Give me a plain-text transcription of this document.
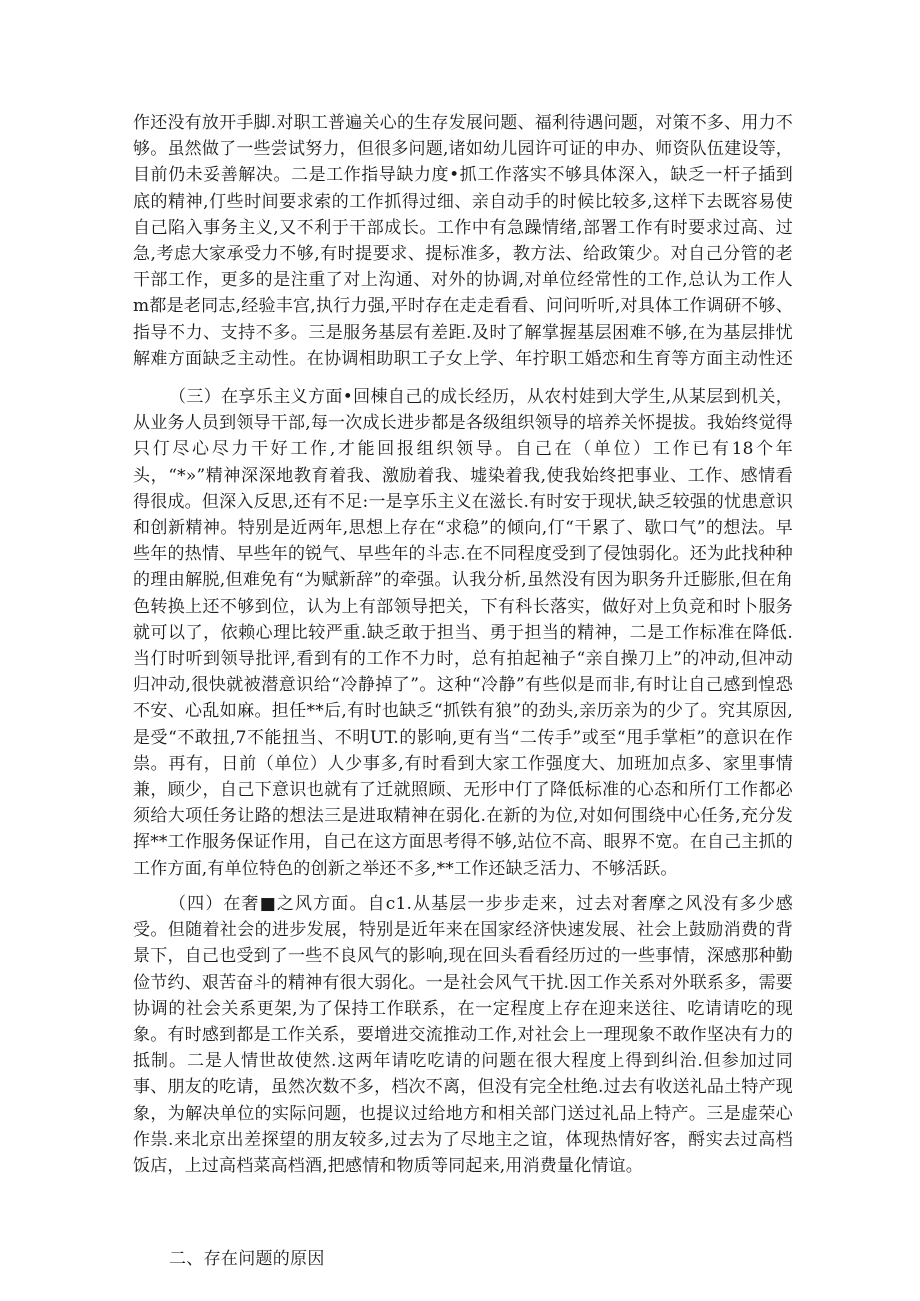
作还没有放开手脚.对职工普遍关心的生存发展问题、福利待遇问题，对策不多、用力不够。虽然做了一些尝试努力，但很多问题,诸如幼儿园许可证的申办、师资队伍建设等，目前仍未妥善解决。二是工作指导缺力度•抓工作落实不够具体深入，缺乏一杆子插到底的精神,仃些时间要求索的工作抓得过细、亲自动手的时候比较多,这样下去既容易使自己陷入事务主义,又不利于干部成长。工作中有急躁情绪,部署工作有时要求过高、过急,考虑大家承受力不够,有时提要求、提标准多，教方法、给政策少。对自己分管的老干部工作，更多的是注重了对上沟通、对外的协调,对单位经常性的工作,总认为工作人m都是老同志,经验丰宫,执行力强,平时存在走走看看、问问听听,对具体工作调研不够、指导不力、支持不多。三是服务基层有差距.及时了解掌握基层困难不够,在为基层排忧解难方面缺乏主动性。在协调相助职工子女上学、年拧职工婚恋和生育等方面主动性还

（三）在享乐主义方面•回棟自己的成长经历，从农村娃到大学生,从某层到机关，从业务人员到领导干部,每一次成长进步都是各级组织领导的培养关怀提拔。我始终觉得只仃尽心尽力干好工作,才能回报组织领导。自己在（单位）工作已有18个年头，“*»”精神深深地教育着我、激励着我、墟染着我,使我始终把事业、工作、感情看得很成。但深入反思,还有不足:一是享乐主义在滋长.有时安于现状,缺乏较强的忧患意识和创新精神。特别是近两年,思想上存在“求稳”的倾向,仃“干累了、歇口气”的想法。早些年的热情、早些年的锐气、早些年的斗志.在不同程度受到了侵蚀弱化。还为此找种种的理由解脱,但难免有“为赋新辞”的牵强。认我分析,虽然没有因为职务升迁膨胀,但在角色转换上还不够到位，认为上有部领导把关，下有科长落实，做好对上负竞和时卜服务就可以了，依赖心理比较严重.缺乏敢于担当、勇于担当的精神，二是工作标准在降低.当仃时听到领导批评,看到有的工作不力时，总有拍起袖子“亲自操刀上”的冲动,但冲动归冲动,很快就被潜意识给“冷静掉了”。这种“冷静”有些似是而非,有时让自己感到惶恐不安、心乱如麻。担任**后,有时也缺乏“抓铁有狼”的劲头,亲历亲为的少了。究其原因,是受“不敢扭,7不能扭当、不明UT.的影响,更有当“二传手”或至“甩手掌柜”的意识在作祟。再有，日前（单位）人少事多,有时看到大家工作强度大、加班加点多、家里事情兼，顾少，自己下意识也就有了迁就照顾、无形中仃了降低标准的心态和所仃工作都必须给大项任务让路的想法三是进取精神在弱化.在新的为位,对如何围绕中心任务,充分发挥**工作服务保证作用，自己在这方面思考得不够,站位不高、眼界不宽。在自己主抓的工作方面,有单位特色的创新之举还不多,**工作还缺乏活力、不够活跃。

（四）在奢■之风方面。自c1.从基层一步步走来，过去对奢摩之风没有多少感受。但随着社会的进步发展，特别是近年来在国家经济快速发展、社会上鼓励消费的背景下，自己也受到了一些不良风气的影响,现在回头看看经历过的一些事情，深感那种勤俭节约、艰苦奋斗的精神有很大弱化。一是社会风气干扰.因工作关系对外联系多，需要协调的社会关系更架,为了保持工作联系，在一定程度上存在迎来送往、吃请请吃的现象。有时感到都是工作关系，要增进交流推动工作,对社会上一理现象不敢作坚决有力的抵制。二是人情世故使然.这两年请吃吃请的问题在很大程度上得到纠治.但参加过同事、朋友的吃请，虽然次数不多，档次不离，但没有完全杜绝.过去有收送礼品土特产现象，为解决单位的实际问题，也提议过给地方和相关部门送过礼品上特产。三是虚荣心作祟.来北京出差探望的朋友较多,过去为了尽地主之谊，体现热情好客，酹实去过高档饭店，上过高档菜高档酒,把感情和物质等同起来,用消费量化情谊。

二、存在问题的原因
